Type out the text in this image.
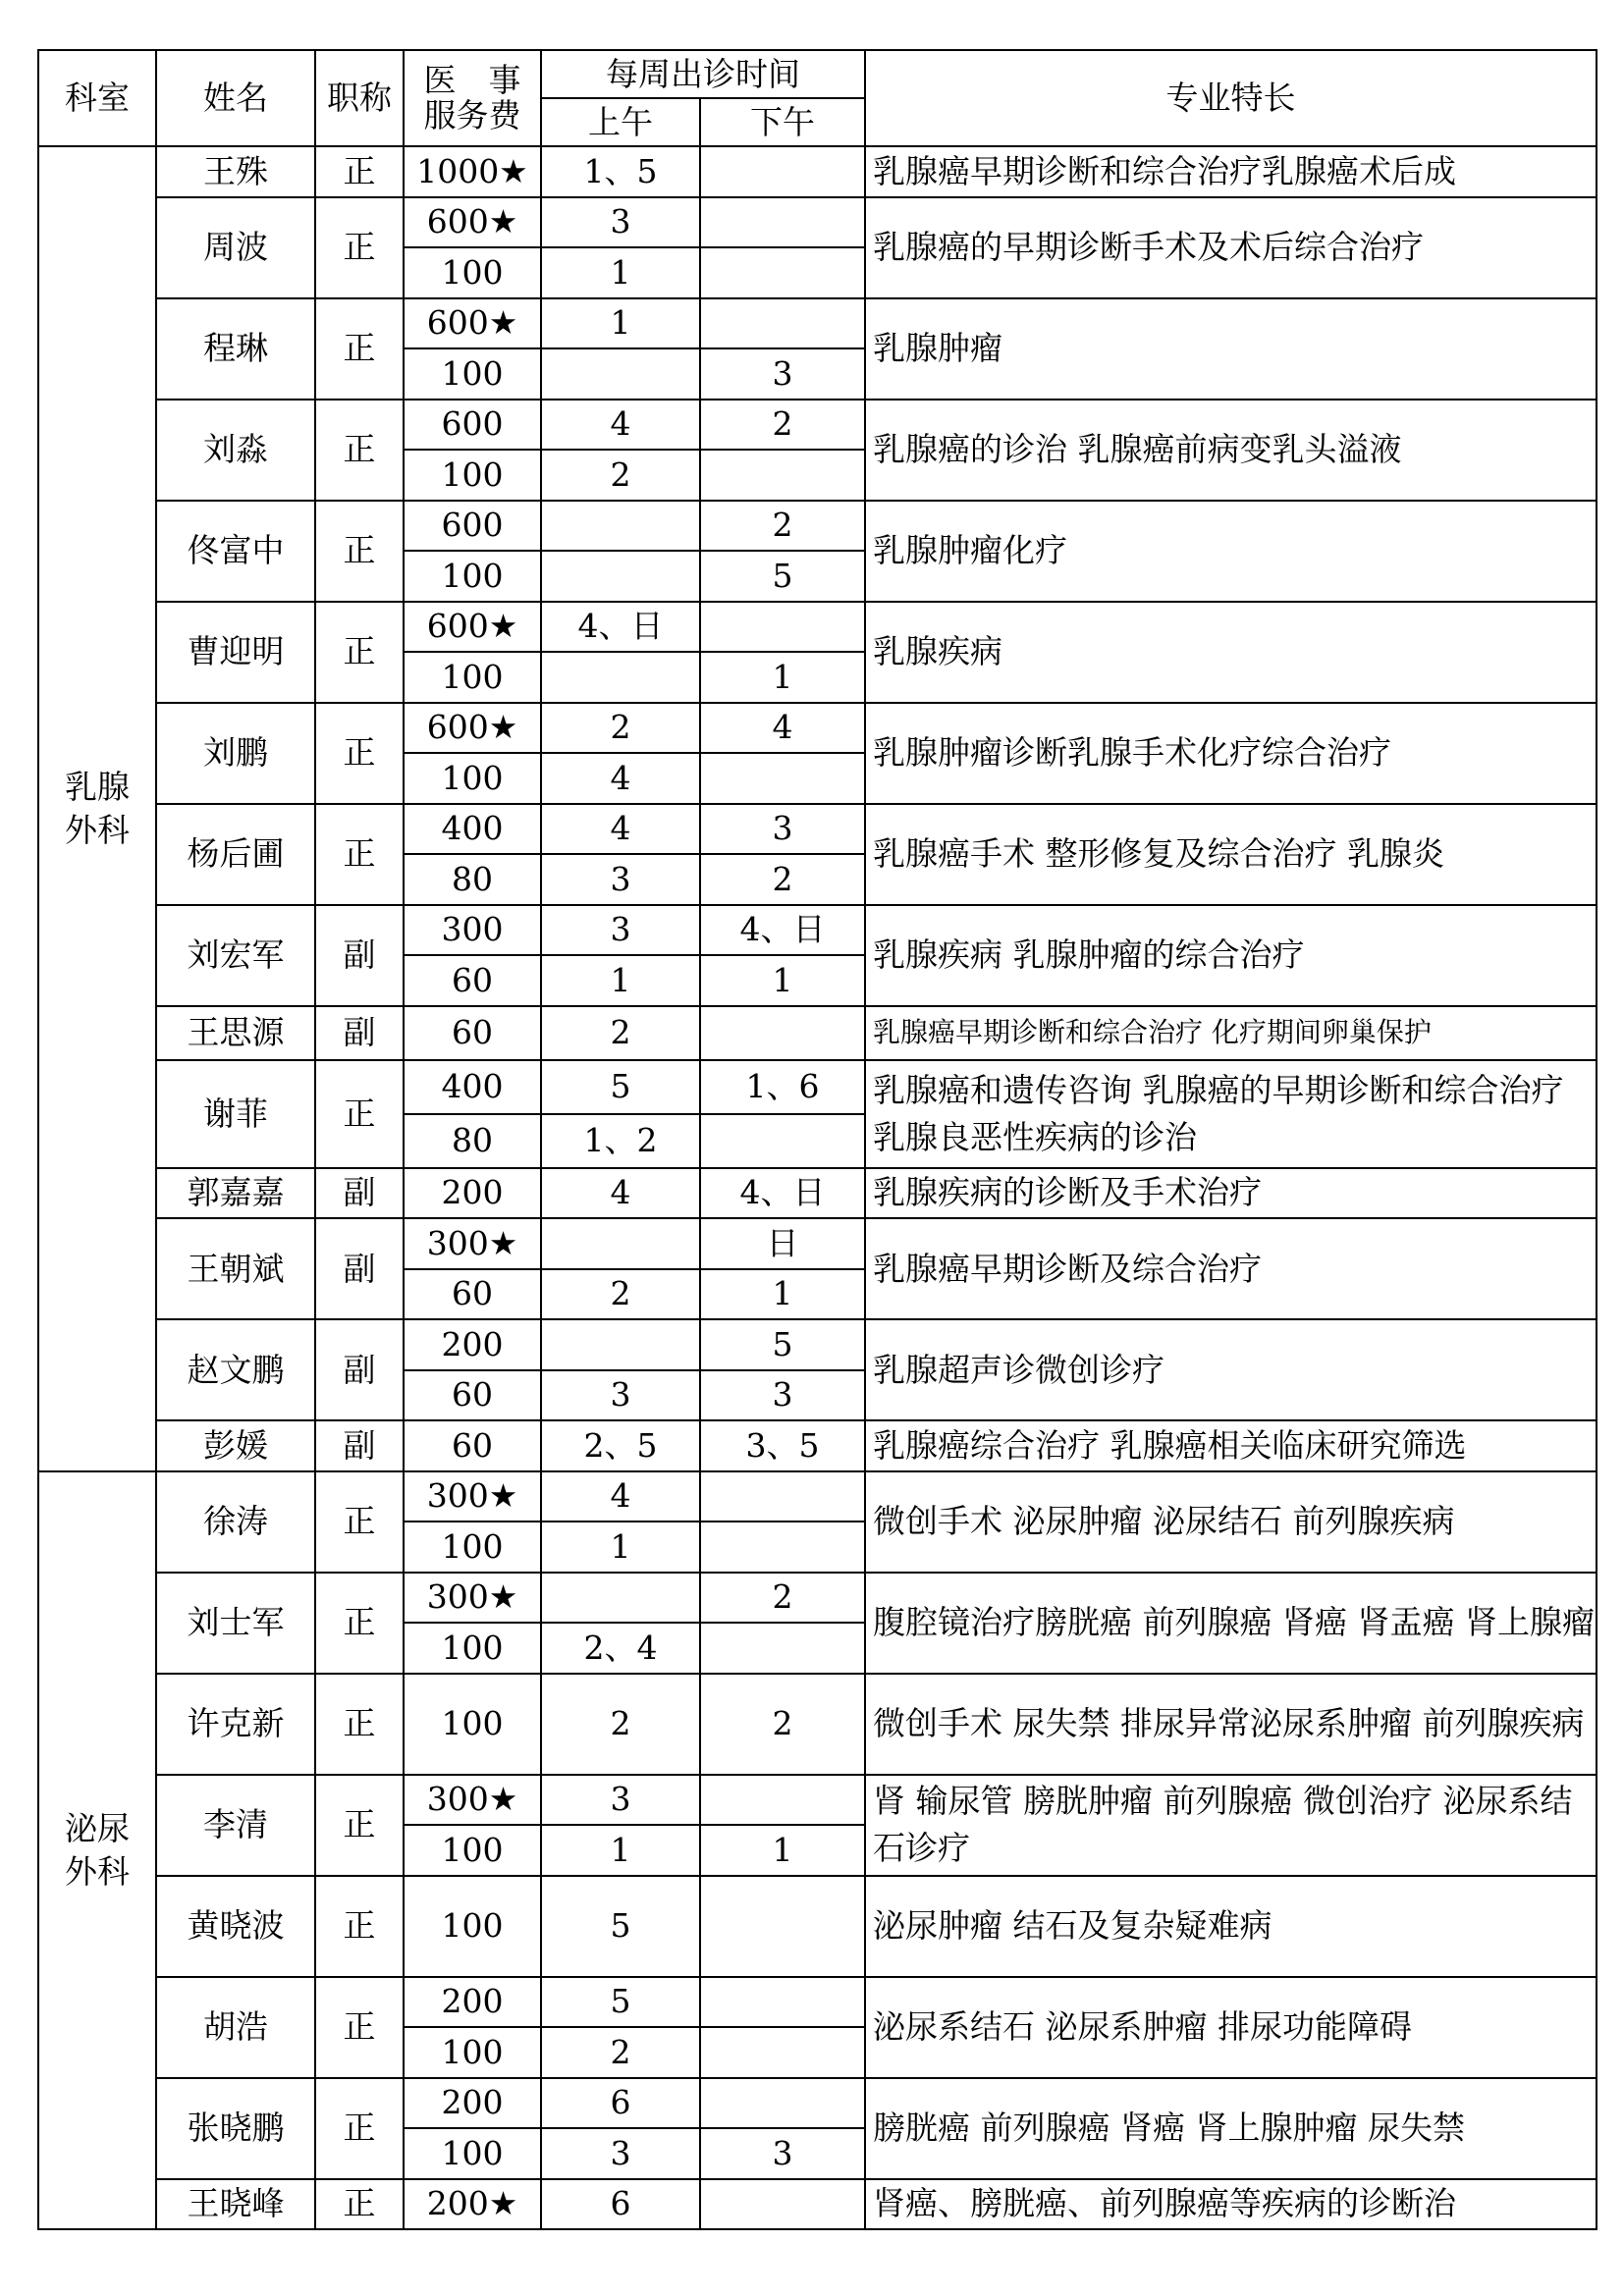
科室	姓名	职称	医　事
服务费	每周出诊时间		专业特长
				上午	下午	

乳腺
外科	王殊	正	1000★	1、5		乳腺癌早期诊断和综合治疗乳腺癌术后成
	周波	正	600★	3		乳腺癌的早期诊断手术及术后综合治疗
			100	1		
	程琳	正	600★	1		乳腺肿瘤
			100		3	
	刘淼	正	600	4	2	乳腺癌的诊治 乳腺癌前病变乳头溢液
			100	2		
	佟富中	正	600		2	乳腺肿瘤化疗
			100		5	
	曹迎明	正	600★	4、日		乳腺疾病
			100		1	
	刘鹏	正	600★	2	4	乳腺肿瘤诊断乳腺手术化疗综合治疗
			100	4		
	杨后圃	正	400	4	3	乳腺癌手术 整形修复及综合治疗 乳腺炎
			80	3	2	
	刘宏军	副	300	3	4、日	乳腺疾病 乳腺肿瘤的综合治疗
			60	1	1	
	王思源	副	60	2		乳腺癌早期诊断和综合治疗 化疗期间卵巢保护
	谢菲	正	400	5	1、6	乳腺癌和遗传咨询 乳腺癌的早期诊断和综合治疗 乳腺良恶性疾病的诊治
			80	1、2		
	郭嘉嘉	副	200	4	4、日	乳腺疾病的诊断及手术治疗
	王朝斌	副	300★		日	乳腺癌早期诊断及综合治疗
			60	2	1	
	赵文鹏	副	200		5	乳腺超声诊微创诊疗
			60	3	3	
	彭媛	副	60	2、5	3、5	乳腺癌综合治疗 乳腺癌相关临床研究筛选

泌尿
外科	徐涛	正	300★	4		微创手术 泌尿肿瘤 泌尿结石 前列腺疾病
			100	1		
	刘士军	正	300★		2	腹腔镜治疗膀胱癌 前列腺癌 肾癌 肾盂癌 肾上腺瘤
			100	2、4		
	许克新	正	100	2	2	微创手术 尿失禁 排尿异常泌尿系肿瘤 前列腺疾病
	李清	正	300★	3		肾 输尿管 膀胱肿瘤 前列腺癌 微创治疗 泌尿系结石诊疗
			100	1	1	
	黄晓波	正	100	5		泌尿肿瘤 结石及复杂疑难病
	胡浩	正	200	5		泌尿系结石 泌尿系肿瘤 排尿功能障碍
			100	2		
	张晓鹏	正	200	6		膀胱癌 前列腺癌 肾癌 肾上腺肿瘤 尿失禁
			100	3	3	
	王晓峰	正	200★	6		肾癌、膀胱癌、前列腺癌等疾病的诊断治
